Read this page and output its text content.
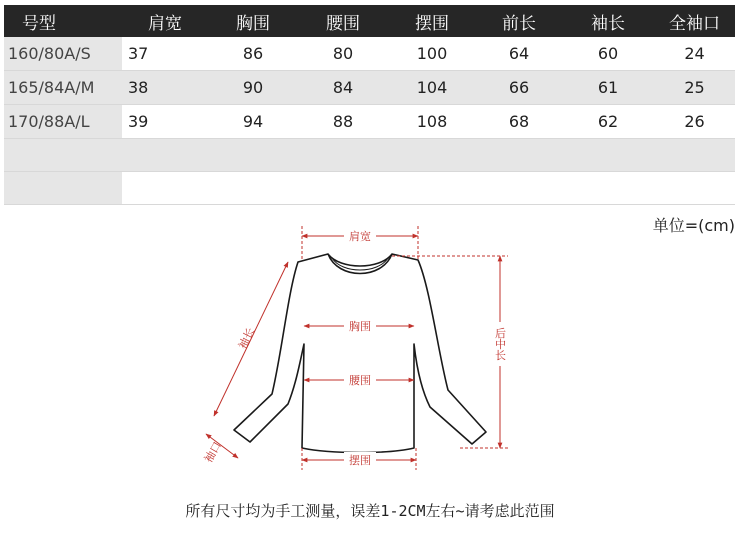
号型	肩宽	胸围	腰围	摆围	前长	袖长	全袖口
160/80A/S	37	86	80	100	64	60	24
165/84A/M	38	90	84	104	66	61	25
170/88A/L	39	94	88	108	68	62	26

单位=(cm)
肩宽
胸围
腰围
摆围
后中长
袖长
袖口
所有尺寸均为手工测量，误差1-2CM左右~请考虑此范围
